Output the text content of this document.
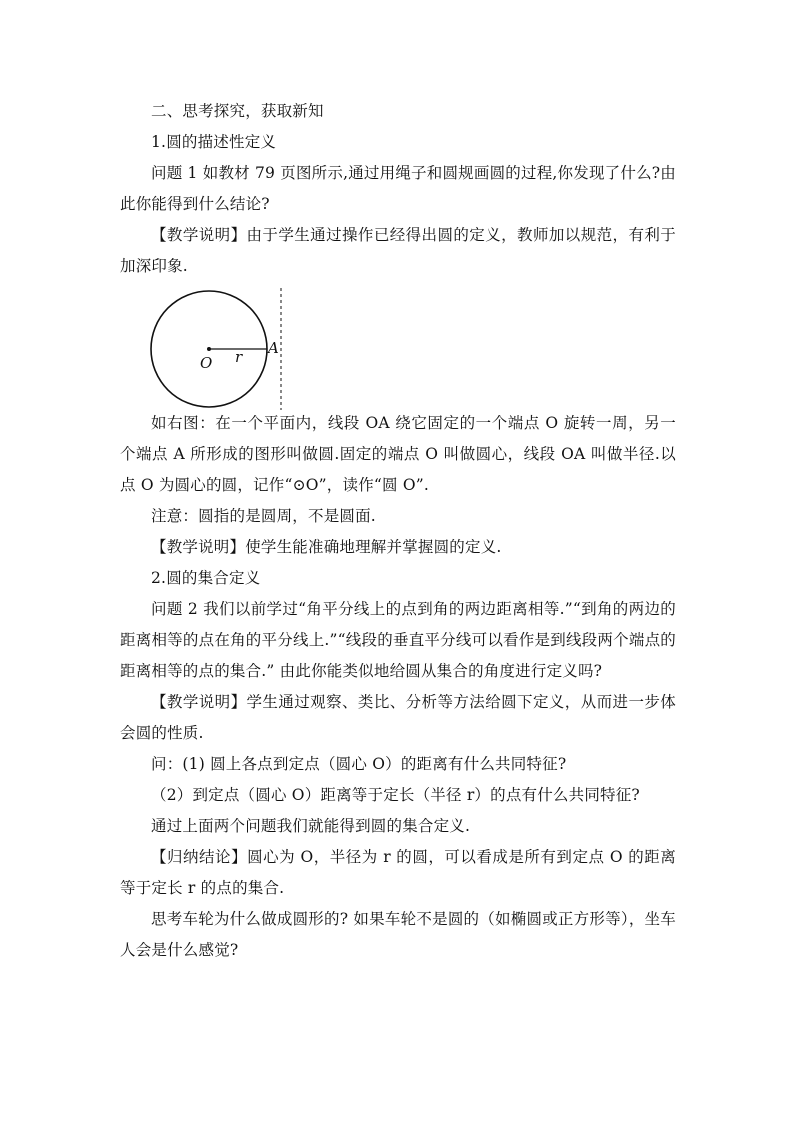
二、思考探究，获取新知

1.圆的描述性定义

问题 1 如教材 79 页图所示,通过用绳子和圆规画圆的过程,你发现了什么?由此你能得到什么结论?

【教学说明】由于学生通过操作已经得出圆的定义，教师加以规范，有利于加深印象.

O r A

如右图：在一个平面内，线段 OA 绕它固定的一个端点 O 旋转一周，另一个端点 A 所形成的图形叫做圆.固定的端点 O 叫做圆心，线段 OA 叫做半径.以点 O 为圆心的圆，记作“⊙O”，读作“圆 O”.

注意：圆指的是圆周，不是圆面.

【教学说明】使学生能准确地理解并掌握圆的定义.

2.圆的集合定义

问题 2 我们以前学过“角平分线上的点到角的两边距离相等.”“到角的两边的距离相等的点在角的平分线上.”“线段的垂直平分线可以看作是到线段两个端点的距离相等的点的集合.” 由此你能类似地给圆从集合的角度进行定义吗?

【教学说明】学生通过观察、类比、分析等方法给圆下定义，从而进一步体会圆的性质.

问：(1) 圆上各点到定点（圆心 O）的距离有什么共同特征?

（2）到定点（圆心 O）距离等于定长（半径 r）的点有什么共同特征?

通过上面两个问题我们就能得到圆的集合定义.

【归纳结论】圆心为 O，半径为 r 的圆，可以看成是所有到定点 O 的距离等于定长 r 的点的集合.

思考车轮为什么做成圆形的? 如果车轮不是圆的（如椭圆或正方形等），坐车人会是什么感觉?
